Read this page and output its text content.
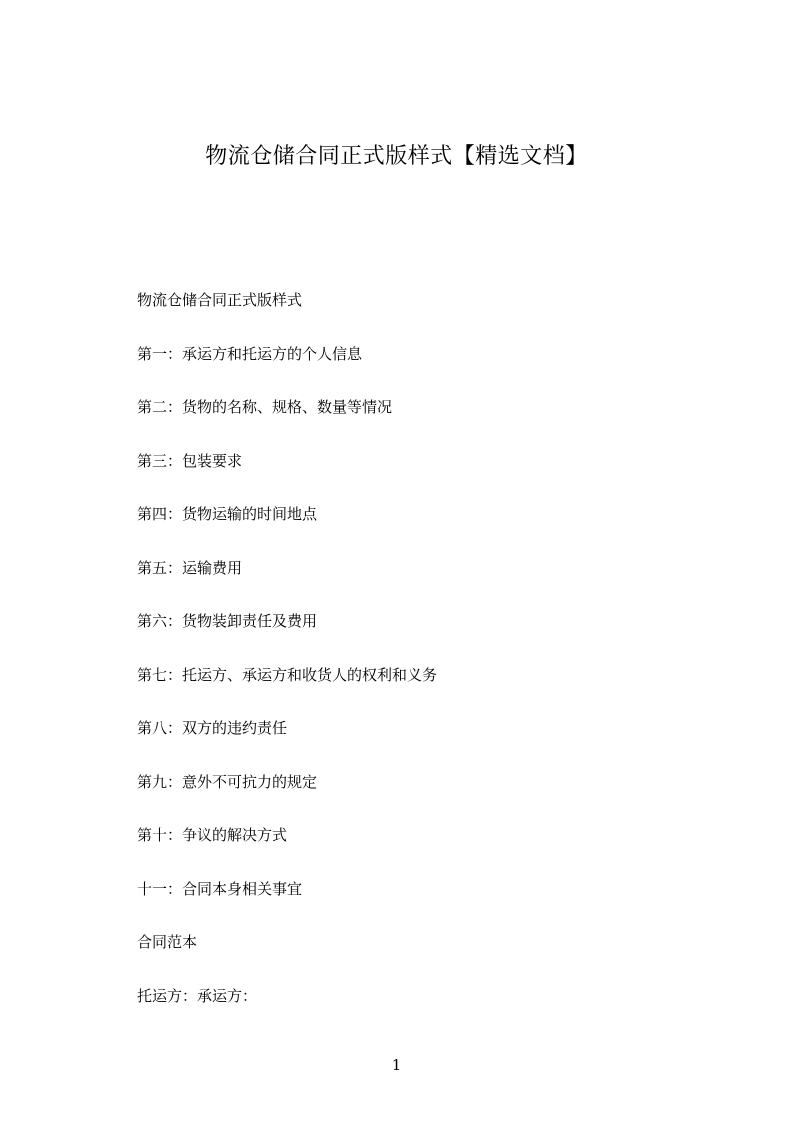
物流仓储合同正式版样式【精选文档】
物流仓储合同正式版样式
第一：承运方和托运方的个人信息
第二：货物的名称、规格、数量等情况
第三：包装要求
第四：货物运输的时间地点
第五：运输费用
第六：货物装卸责任及费用
第七：托运方、承运方和收货人的权利和义务
第八：双方的违约责任
第九：意外不可抗力的规定
第十：争议的解决方式
十一：合同本身相关事宜
合同范本
托运方：承运方：
1
